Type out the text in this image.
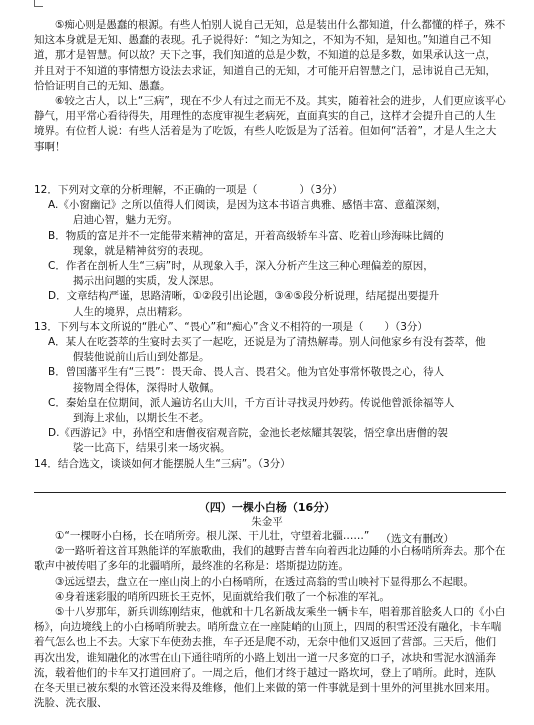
⑤痴心则是愚蠢的根源。有些人怕别人说自己无知，总是装出什么都知道，什么都懂的样子，殊不知这本身就是无知、愚蠢的表现。孔子说得好：“知之为知之，不知为不知，是知也。”知道自己不知道，那才是智慧。何以故？天下之事，我们知道的总是少数，不知道的总是多数，如果承认这一点，并且对于不知道的事情想方设法去求证，知道自己的无知，才可能开启智慧之门，忌讳说自己无知，恰恰证明自己的无知、愚蠢。

⑥较之古人，以上“三病”，现在不少人有过之而无不及。其实，随着社会的进步，人们更应该平心静气，用平常心看待得失，用理性的态度审视生老病死，直面真实的自己，这样才会提升自己的人生境界。有位哲人说：有些人活着是为了吃饭，有些人吃饭是为了活着。但如何“活着”，才是人生之大事啊！

（选文有删改）

12．下列对文章的分析理解，不正确的一项是（　　　　）（3分）

A.《小窗幽记》之所以值得人们阅读，是因为这本书语言典雅、感悟丰富、意蕴深刻，
启迪心智，魅力无穷。

B．物质的富足并不一定能带来精神的富足，开着高级轿车斗富、吃着山珍海味比阔的
现象，就是精神贫穷的表现。

C．作者在剖析人生“三病”时，从现象入手，深入分析产生这三种心理偏差的原因，
揭示出问题的实质，发人深思。

D．文章结构严谨，思路清晰，①②段引出论题，③④⑤段分析说理，结尾提出要提升
人生的境界，点出精彩。

13．下列与本文所说的“胜心”、“畏心”和“痴心”含义不相符的一项是（　　）（3分）

A．某人在吃荟萃的生宴时去买了一起吃，还说是为了清热解毒。别人问他家乡有没有荟萃，他
假装他说前山后山到处都是。

B．曾国藩平生有“三畏”：畏天命、畏人言、畏君父。他为官处事常怀敬畏之心，待人
接物周全得体，深得时人敬佩。

C．秦始皇在位期间，派人遍访名山大川，千方百计寻找灵丹妙药。传说他曾派徐福等人
到海上求仙，以期长生不老。

D.《西游记》中，孙悟空和唐僧夜宿观音院，金池长老炫耀其袈裟，悟空拿出唐僧的袈
裟一比高下，结果引来一场灾祸。

14．结合选文，谈谈如何才能摆脱人生“三病”。（3分）

（四）一棵小白杨（16分）
朱金平

①“一棵呀小白杨，长在哨所旁。根儿深、干儿壮，守望着北疆……”

②一路听着这首耳熟能详的军旅歌曲，我们的越野吉普车向着西北边陲的小白杨哨所奔去。那个在歌声中被传唱了多年的北疆哨所，最终准的名称是：塔斯提边防连。

③远远望去，盘立在一座山岗上的小白杨哨所，在透过高翁的雪山映衬下显得那么不起眼。

④身着迷彩服的哨所四班长王克怀，见面就给我们敬了一个标准的军礼。

⑤十八岁那年，新兵训练刚结束，他就和十几名新战友乘坐一辆卡车，唱着那首脍炙人口的《小白杨》，向边境线上的小白杨哨所驶去。哨所盘立在一座陡峭的山顶上，四周的积雪还没有融化，卡车喘着气怎么也上不去。大家下车使劲去推，车子还是爬不动，无奈中他们又返回了营部。三天后，他们再次出发，谁知融化的冰雪在山下通往哨所的小路上划出一道一尺多宽的口子，冰块和雪泥水汹涌奔流，载着他们的卡车又打道回府了。一周之后，他们才终于越过一路坎坷，登上了哨所。此时，连队在冬天里已被东梨的水管还没来得及维修，他们上来做的第一件事就是到十里外的河里挑水回来用。洗脸、洗衣服、
